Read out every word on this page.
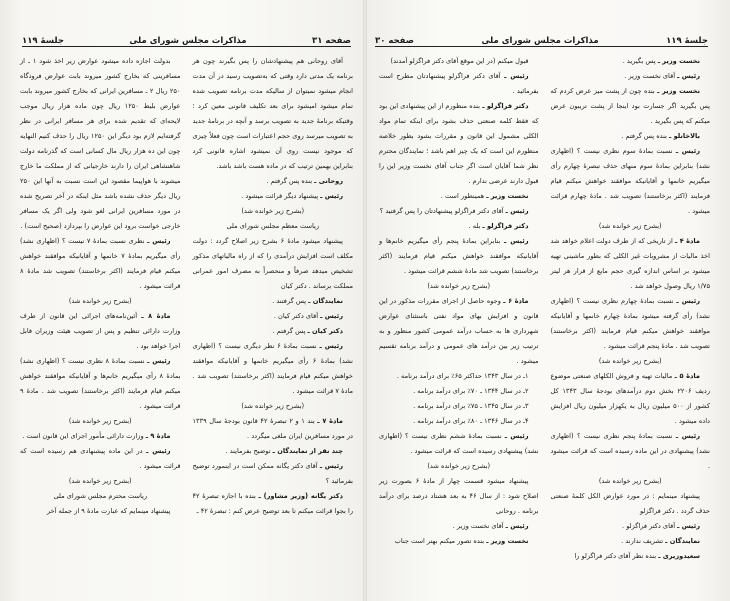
صفحه ۳۱
مذاکرات مجلس شورای ملی
جلسهٔ ۱۱۹

آقای روحانی هم پیشنهادشان را پس بگیرند چون هر برنامه یک مدتی دارد وقتی که به‌تصویب رسید در آن مدت انجام میشود نمیتوان از سالیکه مدت برنامه تصویب شده تمام میشود امیشود برای بعد تکلیف قانونی معین کرد ؛ وقتیکه برنامهٔ جدید به تصویب برسد و آنچه در برنامهٔ جدید به تصویب میرسد روی حجم اعتبارات است چون فعلاً چیزی که موجود نیست روی آن نمیشود اشاره قانونی کرد بنابراین بهمین ترتیب که در ماده هست باشد باشد.

روحانی ـ بنده پس گرفتم .

رئیس ـ پیشنهاد دیگر قرائت میشود .

(بشرح زیر خوانده شد)

ریاست معظم مجلس شورای ملی

پیشنهاد میشود مادهٔ ۶ بشرح زیر اصلاح گردد : دولت مکلف است افزایش درآمدی را که از راه مالیاتهای مذکور تشخیص میدهد صرفاً و منحصراً به مصرف امور عمرانی مملکت برساند . دکتر کیان

نمایندگان ـ پس گرفتند .

رئیس ـ آقای دکتر کیان .

دکتر کیان ـ پس گرفتم .

رئیس ـ نسبت بمادهٔ ۶ نظر دیگری نیست ؟ (اظهاری نشد) بمادهٔ ۶ رأی میگیریم خانمها و آقایانیکه موافقند خواهش میکنم قیام فرمایند (اکثر برخاستند) تصویب شد . مادهٔ ۷ قرائت میشود .

(بشرح زیر خوانده شد)

مادهٔ ۷ ـ بند ۱ و ۲ تبصرهٔ ۴۲ قانون بودجهٔ سال ۱۳۳۹ در مورد مسافرین ایران ملغی میگردد .

چند نفر از نمایندگان ـ توضیح بفرمایند .

رئیس ـ آقای دکتر یگانه ممکن است در اینمورد توضیح بفرمائید ؟

دکتر یگانه (وزیر مشاور) ـ بنده با اجازه تبصرهٔ ۴۲ را بجوا قرائت میکنم تا بعد توضیح عرض کنم : تبصرهٔ ۴۲ ـ

بدولت اجازه داده میشود عوارض زیر اخذ شود ۱ ـ از مسافرینی که بخارج کشور میروند بابت عوارض فرودگاه ۲۵۰ ریال ۲ ـ مسافرین ایرانی که بخارج کشور میروند بابت عوارض بلیط ۱۲۵۰ ریال چون ماده هزار ریال موجب لایحه‌ای که تقدیم شده برای هر مسافر ایرانی در نظر گرفته‌ایم لازم بود دیگر این ۱۲۵۰ ریال را حذف کنیم النهایه چون این ده هزار ریال مال کسانی است که گذرنامه دولت شاهنشاهی ایران را دارند خارجیانی که از مملکت ما خارج میشوند با هواپیما مقصود این است نسبت به آنها این ۲۵۰ ریال دیگر حذف نشده باشد مثل اینکه در آخر تصریح شده در مورد مسافرین ایرانی لغو شود ولی اگر یک مسافر خارجی خواست برود این عوارض را بپردازد (صحیح است) .

رئیس ـ نظری نسبت بمادهٔ ۷ نیست ؟ (اظهاری نشد) رأی میگیریم بمادهٔ ۷ خانمها و آقایانیکه موافقند خواهش میکنم قیام فرمایند (اکثر برخاستند) تصویب شد مادهٔ ۸ قرائت میشود .

(بشرح زیر خوانده شد)

مادهٔ ۸ ـ آئین‌نامه‌های اجرائی این قانون از طرف وزارت دارائی تنظیم و پس از تصویب هیئت وزیران قابل اجرا خواهد بود .

رئیس ـ نسبت بمادهٔ ۸ نظری نیست ؟ (اظهاری نشد) بمادهٔ ۸ رأی میگیریم خانم‌ها و آقایانیکه موافقند خواهش میکنم قیام فرمایند (اکثر برخاستند) تصویب شد . مادهٔ ۹ قرائت میشود .

(بشرح زیر خوانده شد)

مادهٔ ۹ ـ وزارت دارائی مأمور اجرای این قانون است .

رئیس ـ در این ماده پیشنهادی هم رسیده است که قرائت میشود .

(بشرح زیر خوانده شد)

ریاست محترم مجلس شورای ملی

پیشنهاد مینمایم که عبارت مادهٔ ۹ از جمله آخر

جلسهٔ ۱۱۹
مذاکرات مجلس شورای ملی
صفحه ۳۰

نخست وزیر ـ پس بگیرید .

رئیس ـ آقای نخست وزیر .

نخست وزیر ـ بنده چون از پشت میز عرض کردم که پس بگیرید اگر جسارت بود اینجا از پشت تریبون عرض میکنم که پس بگیرید .

بالاخانلو ـ بنده پس گرفتم .

رئیس ـ نسبت بمادهٔ سوم نظری نیست ؟ (اظهاری نشد) بنابراین بمادهٔ سوم منهای حذف تبصرهٔ چهارم رأی میگیریم خانمها و آقایانیکه موافقند خواهش میکنم قیام فرمایند (اکثر برخاستند) تصویب شد . مادهٔ چهارم قرائت میشود .

(بشرح زیر خوانده شد)

مادهٔ ۴ ـ از تاریخی که از طرف دولت اعلام خواهد شد اخذ مالیات از مشروبات غیر الکلی که بطور ماشینی تهیه میشود بر اساس اندازه گیری حجم مایع از قرار هر لیتر ۱/۷۵ ریال وصول خواهد شد .

رئیس ـ نسبت بمادهٔ چهارم نظری نیست ؟ (اظهاری نشد) رأی گرفته میشود بمادهٔ چهارم خانمها و آقایانیکه موافقند خواهش میکنم قیام فرمایند (اکثر برخاستند) تصویب شد . مادهٔ پنجم قرائت میشود .

(بشرح زیر خوانده شد)

مادهٔ ۵ ـ مالیات تهیه و فروش الکلهای صنعتی موضوع ردیف ۲۲۰۶ بخش دوم درآمدهای بودجهٔ سال ۱۳۴۳ کل کشور از ۵۰۰ میلیون ریال به یکهزار میلیون ریال افزایش داده میشود .

رئیس ـ نسبت بمادهٔ پنجم نظری نیست ؟ (اظهاری نشد) پیشنهادی در این ماده رسیده است که قرائت میشود .

(بشرح زیر خوانده شد)

پیشنهاد مینمایم : در مورد عوارض الکل کلمهٔ صنعتی حذف گردد . دکتر فراگزلو

رئیس ـ آقای دکتر فراگزلو .

نمایندگان ـ تشریف ندارند .

سعیدوزیری ـ بنده نظر آقای دکتر فراگزلو را

قبول میکنم (در این موقع آقای دکتر فراگزلو آمدند)

رئیس ـ آقای دکتر فراگزلو پیشنهادتان مطرح است بفرمائید .

دکتر فراگزلو ـ بنده منظورم از این پیشنهادی این بود که فقط کلمه صنعتی حذف بشود برای اینکه تمام مواد الکلی مشمول این قانون و مقررات بشود بطور خلاصه منظورم این است که یک چیز اهم باشد ؛ نمایندگان محترم نظر شما آقایان است اگر جناب آقای نخست وزیر این را قبول دارند عرضی ندارم .

نخست وزیر ـ همینطور است .

رئیس ـ آقای دکتر فراگزلو پیشنهادتان را پس گرفتید ؟

دکتر فراگزلو ـ بله .

رئیس ـ بنابراین بمادهٔ پنجم رأی میگیریم خانم‌ها و آقایانیکه موافقند خواهش میکنم قیام فرمایند (اکثر برخاستند) تصویب شد مادهٔ ششم قرائت میشود .

(بشرح زیر خوانده شد)

مادهٔ ۶ ـ وجوه حاصل از اجرای مقررات مذکور در این قانون و افزایش بهای مواد نفتی باستثنای عوارض شهرداری ها به حساب درآمد عمومی کشور منظور و به ترتیب زیر بین درآمد های عمومی و درآمد برنامه تقسیم میشود .

۱ـ در سال ۱۳۴۳ حداکثر ۶۵٪ برای درآمد برنامه .

۲ـ در سال ۱۳۴۴ ـ ۷۰٪ برای درآمد برنامه .

۳ـ در سال ۱۳۴۵ ـ ۷۵٪ برای درآمد برنامه .

۴ـ در سال ۱۳۴۶ ـ ۸۰٪ برای درآمد برنامه .

رئیس ـ نسبت بمادهٔ ششم نظری نیست ؟ (اظهاری نشد) پیشنهادی رسیده است که قرائت میشود .

(بشرح زیر خوانده شد)

پیشنهاد میشود قسمت چهار از مادهٔ ۶ بصورت زیر اصلاح شود : از سال ۴۶ به بعد هشتاد درصد برای درآمد برنامه . روحانی

رئیس ـ آقای نخست وزیر .

نخست وزیر ـ بنده تصور میکنم بهتر است جناب
